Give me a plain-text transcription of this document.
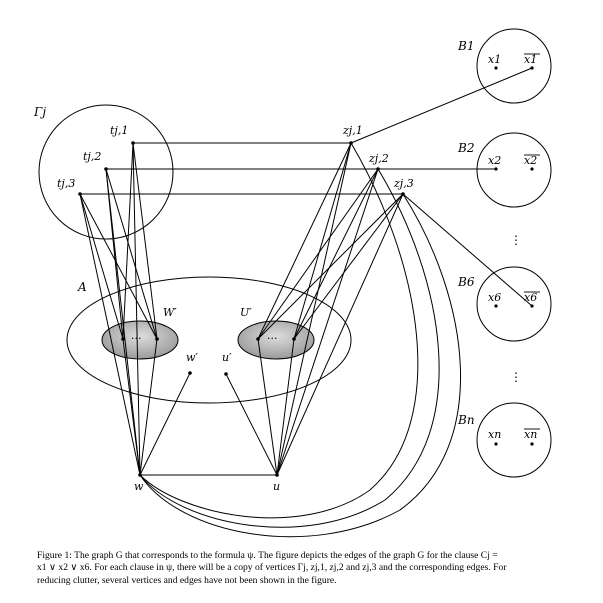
Γj
tj,1
tj,2
tj,3
zj,1
zj,2
zj,3
A
W′	U′
w′ u′
w	u
···	···
B1
B2
B6
Bn
x1 x1
x2 x2
x6 x6
xn xn
⋮
⋮
Figure 1: The graph G that corresponds to the formula ψ. The figure depicts the edges of the graph G for the clause Cj = x1 ∨ x2 ∨ x6. For each clause in ψ, there will be a copy of vertices Γj, zj,1, zj,2 and zj,3 and the corresponding edges. For reducing clutter, several vertices and edges have not been shown in the figure.
